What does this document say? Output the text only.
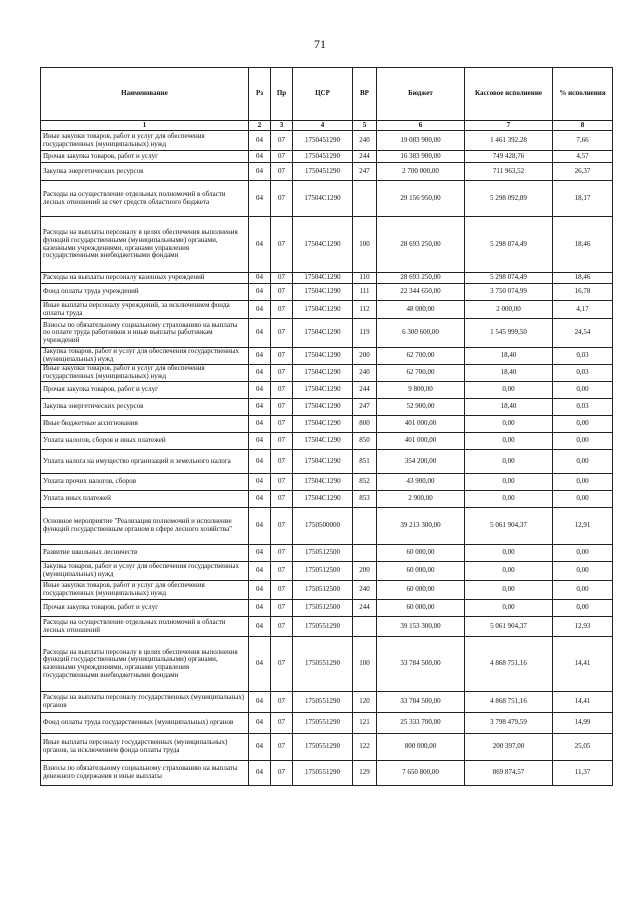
71
Наименование	Рз	Пр	ЦСР	ВР	Бюджет	Кассовое исполнение	% исполнения
1	2	3	4	5	6	7	8
Иные закупки товаров, работ и услуг для обеспечения государственных (муниципальных) нужд	04	07	1750451290	240	19 083 900,00	1 461 392,28	7,66
Прочая закупка товаров, работ и услуг	04	07	1750451290	244	16 383 900,00	749 428,76	4,57
Закупка энергетических ресурсов	04	07	1750451290	247	2 700 000,00	711 963,52	26,37
Расходы на осуществление отдельных полномочий в области лесных отношений за счет средств областного бюджета	04	07	17504С1290		29 156 950,00	5 298 092,89	18,17
Расходы на выплаты персоналу в целях обеспечения выполнения функций государственными (муниципальными) органами, казенными учреждениями, органами управления государственными внебюджетными фондами	04	07	17504С1290	100	28 693 250,00	5 298 074,49	18,46
Расходы на выплаты персоналу казенных учреждений	04	07	17504С1290	110	28 693 250,00	5 298 074,49	18,46
Фонд оплаты труда учреждений	04	07	17504С1290	111	22 344 650,00	3 750 074,99	16,78
Иные выплаты персоналу учреждений, за исключением фонда оплаты труда	04	07	17504С1290	112	48 000,00	2 000,00	4,17
Взносы по обязательному социальному страхованию на выплаты по оплате труда работников и иные выплаты работникам учреждений	04	07	17504С1290	119	6 300 600,00	1 545 999,50	24,54
Закупка товаров, работ и услуг для обеспечения государственных (муниципальных) нужд	04	07	17504С1290	200	62 700,00	18,40	0,03
Иные закупки товаров, работ и услуг для обеспечения государственных (муниципальных) нужд	04	07	17504С1290	240	62 700,00	18,40	0,03
Прочая закупка товаров, работ и услуг	04	07	17504С1290	244	9 800,00	0,00	0,00
Закупка энергетических ресурсов	04	07	17504С1290	247	52 900,00	18,40	0,03
Иные бюджетные ассигнования	04	07	17504С1290	800	401 000,00	0,00	0,00
Уплата налогов, сборов и иных платежей	04	07	17504С1290	850	401 000,00	0,00	0,00
Уплата налога на имущество организаций и земельного налога	04	07	17504С1290	851	354 200,00	0,00	0,00
Уплата прочих налогов, сборов	04	07	17504С1290	852	43 900,00	0,00	0,00
Уплата иных платежей	04	07	17504С1290	853	2 900,00	0,00	0,00
Основное мероприятие "Реализация полномочий и исполнение функций государственным органом в сфере лесного хозяйства"	04	07	1750500000		39 213 300,00	5 061 904,37	12,91
Развитие школьных лесничеств	04	07	1750512500		60 000,00	0,00	0,00
Закупка товаров, работ и услуг для обеспечения государственных (муниципальных) нужд	04	07	1750512500	200	60 000,00	0,00	0,00
Иные закупки товаров, работ и услуг для обеспечения государственных (муниципальных) нужд	04	07	1750512500	240	60 000,00	0,00	0,00
Прочая закупка товаров, работ и услуг	04	07	1750512500	244	60 000,00	0,00	0,00
Расходы на осуществление отдельных полномочий в области лесных отношений	04	07	1750551290		39 153 300,00	5 061 904,37	12,93
Расходы на выплаты персоналу в целях обеспечения выполнения функций государственными (муниципальными) органами, казенными учреждениями, органами управления государственными внебюджетными фондами	04	07	1750551290	100	33 784 500,00	4 868 751,16	14,41
Расходы на выплаты персоналу государственных (муниципальных) органов	04	07	1750551290	120	33 784 500,00	4 868 751,16	14,41
Фонд оплаты труда государственных (муниципальных) органов	04	07	1750551290	121	25 333 700,00	3 798 479,59	14,99
Иные выплаты персоналу государственных (муниципальных) органов, за исключением фонда оплаты труда	04	07	1750551290	122	800 000,00	200 397,00	25,05
Взносы по обязательному социальному страхованию на выплаты денежного содержания и иные выплаты	04	07	1750551290	129	7 650 800,00	869 874,57	11,37
